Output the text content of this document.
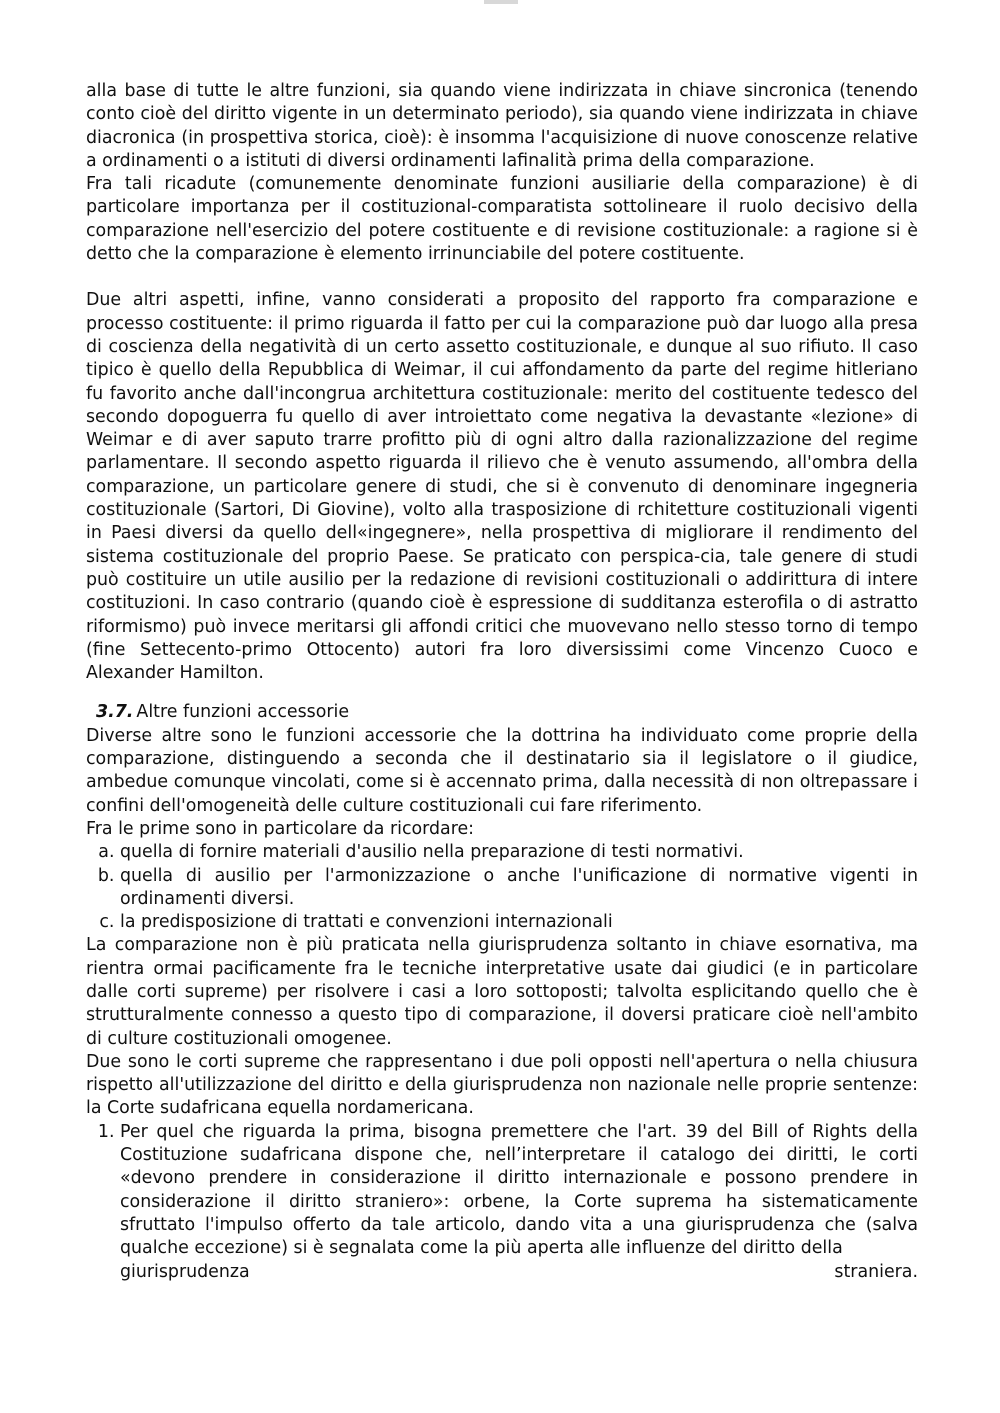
alla base di tutte le altre funzioni, sia quando viene indirizzata in chiave sincronica (tenendo conto cioè del diritto vigente in un determinato periodo), sia quando viene indirizzata in chiave diacronica (in prospettiva storica, cioè): è insomma l'acquisizione di nuove conoscenze relative a ordinamenti o a istituti di diversi ordinamenti lafinalità prima della comparazione.

Fra tali ricadute (comunemente denominate funzioni ausiliarie della comparazione) è di particolare importanza per il costituzional-comparatista sottolineare il ruolo decisivo della comparazione nell'esercizio del potere costituente e di revisione costituzionale: a ragione si è detto che la comparazione è elemento irrinunciabile del potere costituente.

Due altri aspetti, infine, vanno considerati a proposito del rapporto fra comparazione e processo costituente: il primo riguarda il fatto per cui la comparazione può dar luogo alla presa di coscienza della negatività di un certo assetto costituzionale, e dunque al suo rifiuto. Il caso tipico è quello della Repubblica di Weimar, il cui affondamento da parte del regime hitleriano fu favorito anche dall'incongrua architettura costituzionale: merito del costituente tedesco del secondo dopoguerra fu quello di aver introiettato come negativa la devastante «lezione» di Weimar e di aver saputo trarre profitto più di ogni altro dalla razionalizzazione del regime parlamentare. Il secondo aspetto riguarda il rilievo che è venuto assumendo, all'ombra della comparazione, un particolare genere di studi, che si è convenuto di denominare ingegneria costituzionale (Sartori, Di Giovine), volto alla trasposizione di rchitetture costituzionali vigenti in Paesi diversi da quello dell«ingegnere», nella prospettiva di migliorare il rendimento del sistema costituzionale del proprio Paese. Se praticato con perspica-cia, tale genere di studi può costituire un utile ausilio per la redazione di revisioni costituzionali o addirittura di intere costituzioni. In caso contrario (quando cioè è espressione di sudditanza esterofila o di astratto riformismo) può invece meritarsi gli affondi critici che muovevano nello stesso torno di tempo (fine Settecento-primo Ottocento) autori fra loro diversissimi come Vincenzo Cuoco e Alexander Hamilton.

3.7. Altre funzioni accessorie

Diverse altre sono le funzioni accessorie che la dottrina ha individuato come proprie della comparazione, distinguendo a seconda che il destinatario sia il legislatore o il giudice, ambedue comunque vincolati, come si è accennato prima, dalla necessità di non oltrepassare i confini dell'omogeneità delle culture costituzionali cui fare riferimento.

Fra le prime sono in particolare da ricordare:

a. quella di fornire materiali d'ausilio nella preparazione di testi normativi.
b. quella di ausilio per l'armonizzazione o anche l'unificazione di normative vigenti in ordinamenti diversi.
c. la predisposizione di trattati e convenzioni internazionali

La comparazione non è più praticata nella giurisprudenza soltanto in chiave esornativa, ma rientra ormai pacificamente fra le tecniche interpretative usate dai giudici (e in particolare dalle corti supreme) per risolvere i casi a loro sottoposti; talvolta esplicitando quello che è strutturalmente connesso a questo tipo di comparazione, il doversi praticare cioè nell'ambito di culture costituzionali omogenee.

Due sono le corti supreme che rappresentano i due poli opposti nell'apertura o nella chiusura rispetto all'utilizzazione del diritto e della giurisprudenza non nazionale nelle proprie sentenze: la Corte sudafricana equella nordamericana.

1. Per quel che riguarda la prima, bisogna premettere che l'art. 39 del Bill of Rights della Costituzione sudafricana dispone che, nell’interpretare il catalogo dei diritti, le corti «devono prendere in considerazione il diritto internazionale e possono prendere in considerazione il diritto straniero»: orbene, la Corte suprema ha sistematicamente sfruttato l'impulso offerto da tale articolo, dando vita a una giurisprudenza che (salva qualche eccezione) si è segnalata come la più aperta alle influenze del diritto della
giurisprudenza	straniera.
